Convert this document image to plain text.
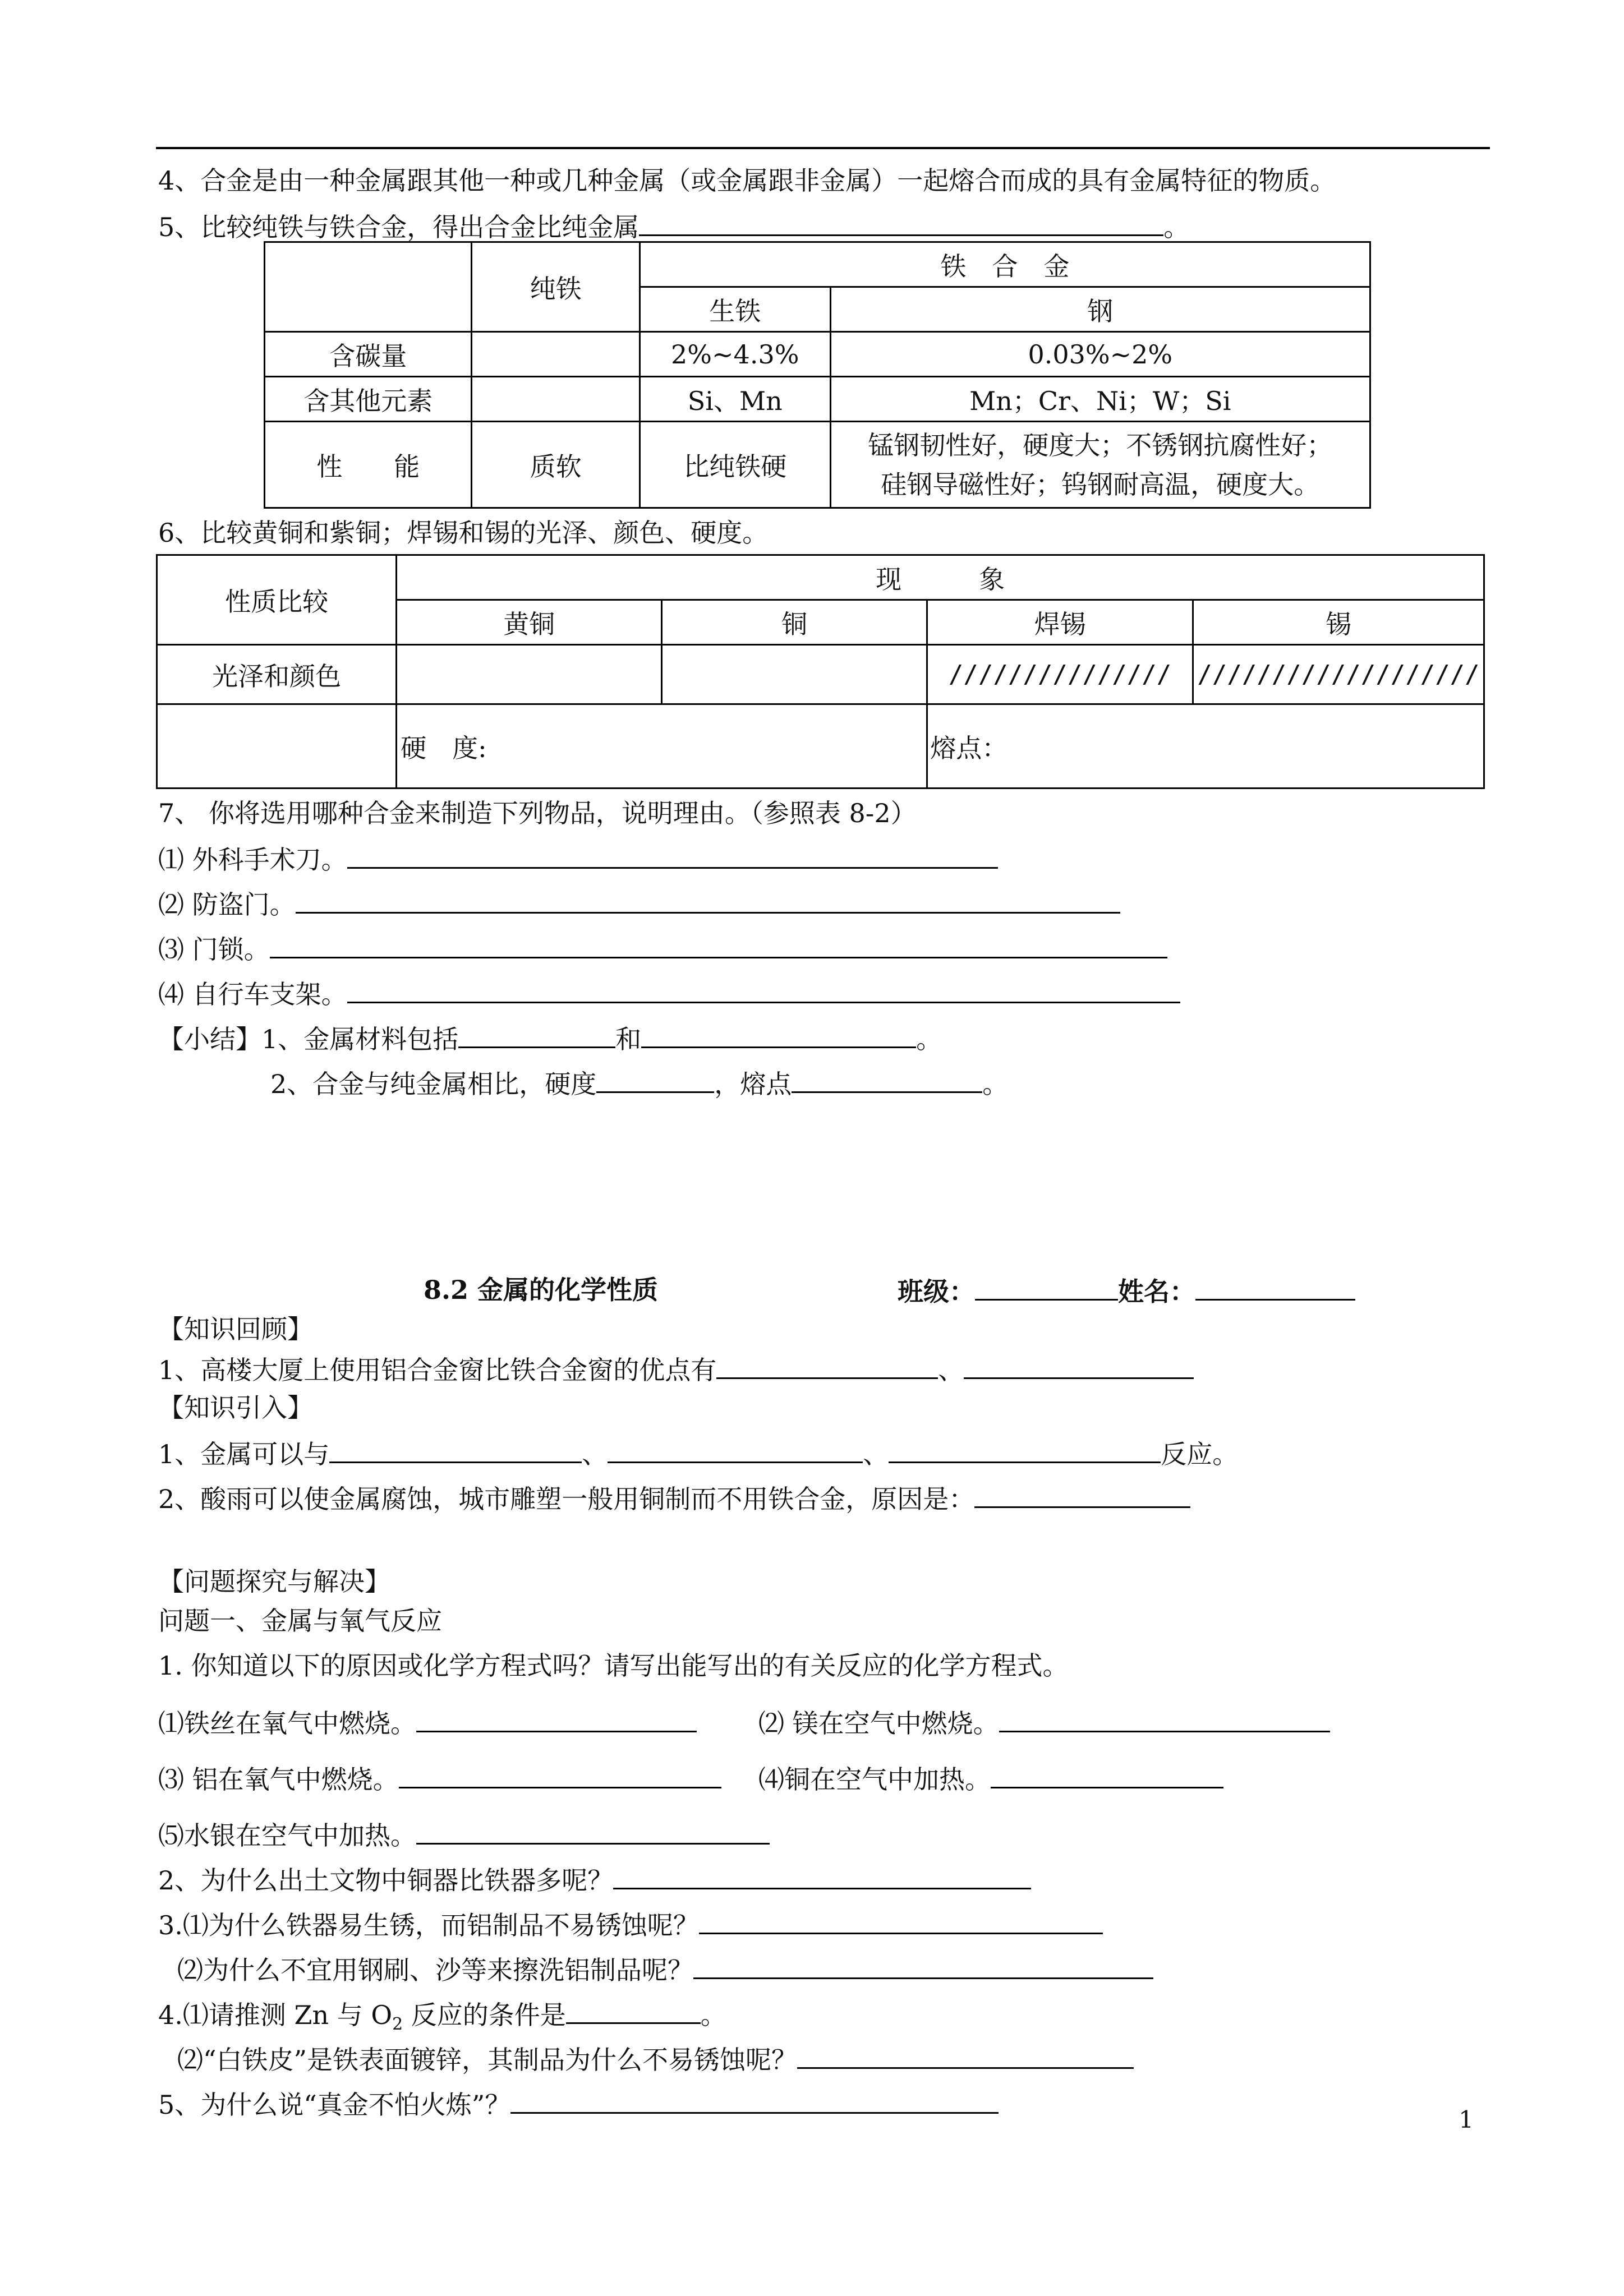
4、合金是由一种金属跟其他一种或几种金属（或金属跟非金属）一起熔合而成的具有金属特征的物质。
5、比较纯铁与铁合金，得出合金比纯金属	。
	纯铁	铁　合　金	
		生铁	钢
含碳量		2%~4.3%	0.03%~2%
含其他元素		Si、Mn	Mn；Cr、Ni；W；Si
性　　能	质软	比纯铁硬	锰钢韧性好，硬度大；不锈钢抗腐性好；
硅钢导磁性好；钨钢耐高温，硬度大。
6、比较黄铜和紫铜；焊锡和锡的光泽、颜色、硬度。
性质比较	现　　　象			
	黄铜	铜	焊锡	锡
光泽和颜色			///////////////	///////////////////
	硬　度:		熔点：	
7、 你将选用哪种合金来制造下列物品，说明理由。（参照表 8-2）
⑴ 外科手术刀。
⑵ 防盗门。
⑶ 门锁。
⑷ 自行车支架。
【小结】1、金属材料包括	和	。
2、合金与纯金属相比，硬度	，熔点	。
8.2 金属的化学性质	班级：	姓名：
【知识回顾】
1、高楼大厦上使用铝合金窗比铁合金窗的优点有	、
【知识引入】
1、金属可以与	、	、	反应。
2、酸雨可以使金属腐蚀，城市雕塑一般用铜制而不用铁合金，原因是：
【问题探究与解决】
问题一、金属与氧气反应
1. 你知道以下的原因或化学方程式吗？请写出能写出的有关反应的化学方程式。
⑴铁丝在氧气中燃烧。	⑵ 镁在空气中燃烧。
⑶ 铝在氧气中燃烧。	⑷铜在空气中加热。
⑸水银在空气中加热。
2、为什么出土文物中铜器比铁器多呢？
3.⑴为什么铁器易生锈，而铝制品不易锈蚀呢？
⑵为什么不宜用钢刷、沙等来擦洗铝制品呢？
4.⑴请推测 Zn 与 $O_2$ 反应的条件是	。
⑵“白铁皮”是铁表面镀锌，其制品为什么不易锈蚀呢？
5、为什么说“真金不怕火炼”？	1
